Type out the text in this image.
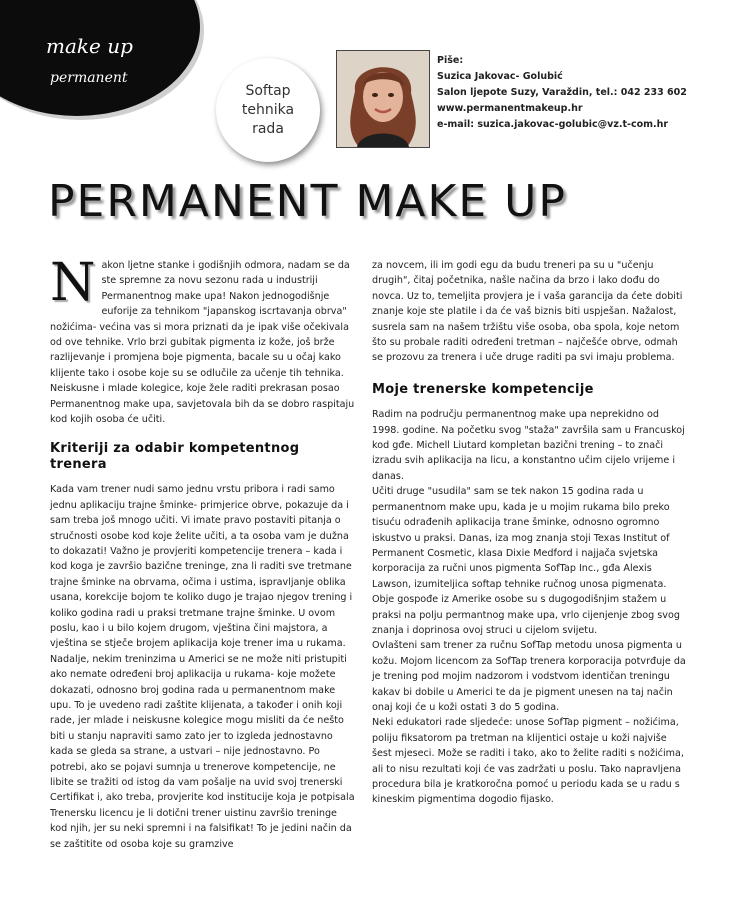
make up
permanent
Softap
tehnika
rada
Piše:
Suzica Jakovac- Golubić
Salon ljepote Suzy, Varaždin, tel.: 042 233 602
www.permanentmakeup.hr
e-mail: suzica.jakovac-golubic@vz.t-com.hr
PERMANENT MAKE UP

Nakon ljetne stanke i godišnjih odmora, nadam se da ste spremne za novu sezonu rada u industriji Permanentnog make upa! Nakon jednogodišnje euforije za tehnikom "japanskog iscrtavanja obrva" nožićima- većina vas si mora priznati da je ipak više očekivala od ove tehnike. Vrlo brzi gubitak pigmenta iz kože, još brže razlijevanje i promjena boje pigmenta, bacale su u očaj kako klijente tako i osobe koje su se odlučile za učenje tih tehnika. Neiskusne i mlade kolegice, koje žele raditi prekrasan posao Permanentnog make upa, savjetovala bih da se dobro raspitaju kod kojih osoba će učiti.

Kriteriji za odabir kompetentnog trenera

Kada vam trener nudi samo jednu vrstu pribora i radi samo jednu aplikaciju trajne šminke- primjerice obrve, pokazuje da i sam treba još mnogo učiti. Vi imate pravo postaviti pitanja o stručnosti osobe kod koje želite učiti, a ta osoba vam je dužna to dokazati! Važno je provjeriti kompetencije trenera – kada i kod koga je završio bazične treninge, zna li raditi sve tretmane trajne šminke na obrvama, očima i ustima, ispravljanje oblika usana, korekcije bojom te koliko dugo je trajao njegov trening i koliko godina radi u praksi tretmane trajne šminke. U ovom poslu, kao i u bilo kojem drugom, vještina čini majstora, a vještina se stječe brojem aplikacija koje trener ima u rukama. Nadalje, nekim treninzima u Americi se ne može niti pristupiti ako nemate određeni broj aplikacija u rukama- koje možete dokazati, odnosno broj godina rada u permanentnom make upu. To je uvedeno radi zaštite klijenata, a također i onih koji rade, jer mlade i neiskusne kolegice mogu misliti da će nešto biti u stanju napraviti samo zato jer to izgleda jednostavno kada se gleda sa strane, a ustvari – nije jednostavno. Po potrebi, ako se pojavi sumnja u trenerove kompetencije, ne libite se tražiti od istog da vam pošalje na uvid svoj trenerski Certifikat i, ako treba, provjerite kod institucije koja je potpisala Trenersku licencu je li dotični trener uistinu završio treninge kod njih, jer su neki spremni i na falsifikat! To je jedini način da se zaštitite od osoba koje su gramzive

za novcem, ili im godi egu da budu treneri pa su u "učenju drugih", čitaj početnika, našle načina da brzo i lako dođu do novca. Uz to, temeljita provjera je i vaša garancija da ćete dobiti znanje koje ste platile i da će vaš biznis biti uspješan. Nažalost, susrela sam na našem tržištu više osoba, oba spola, koje netom što su probale raditi određeni tretman – najčešće obrve, odmah se prozovu za trenera i uče druge raditi pa svi imaju problema.

Moje trenerske kompetencije

Radim na području permanentnog make upa neprekidno od 1998. godine. Na početku svog "staža" završila sam u Francuskoj kod gđe. Michell Liutard kompletan bazični trening – to znači izradu svih aplikacija na licu, a konstantno učim cijelo vrijeme i danas.

Učiti druge "usudila" sam se tek nakon 15 godina rada u permanentnom make upu, kada je u mojim rukama bilo preko tisuću odrađenih aplikacija trane šminke, odnosno ogromno iskustvo u praksi. Danas, iza mog znanja stoji Texas Institut of Permanent Cosmetic, klasa Dixie Medford i najjača svjetska korporacija za ručni unos pigmenta SofTap Inc., gđa Alexis Lawson, izumiteljica softap tehnike ručnog unosa pigmenata. Obje gospođe iz Amerike osobe su s dugogodišnjim stažem u praksi na polju permantnog make upa, vrlo cijenjenje zbog svog znanja i doprinosa ovoj struci u cijelom svijetu.

Ovlašteni sam trener za ručnu SofTap metodu unosa pigmenta u kožu. Mojom licencom za SofTap trenera korporacija potvrđuje da je trening pod mojim nadzorom i vodstvom identičan treningu kakav bi dobile u Americi te da je pigment unesen na taj način onaj koji će u koži ostati 3 do 5 godina.

Neki edukatori rade sljedeće: unose SofTap pigment – nožićima, poliju fiksatorom pa tretman na klijentici ostaje u koži najviše šest mjeseci. Može se raditi i tako, ako to želite raditi s nožićima, ali to nisu rezultati koji će vas zadržati u poslu. Tako napravljena procedura bila je kratkoročna pomoć u periodu kada se u radu s kineskim pigmentima dogodio fijasko.
